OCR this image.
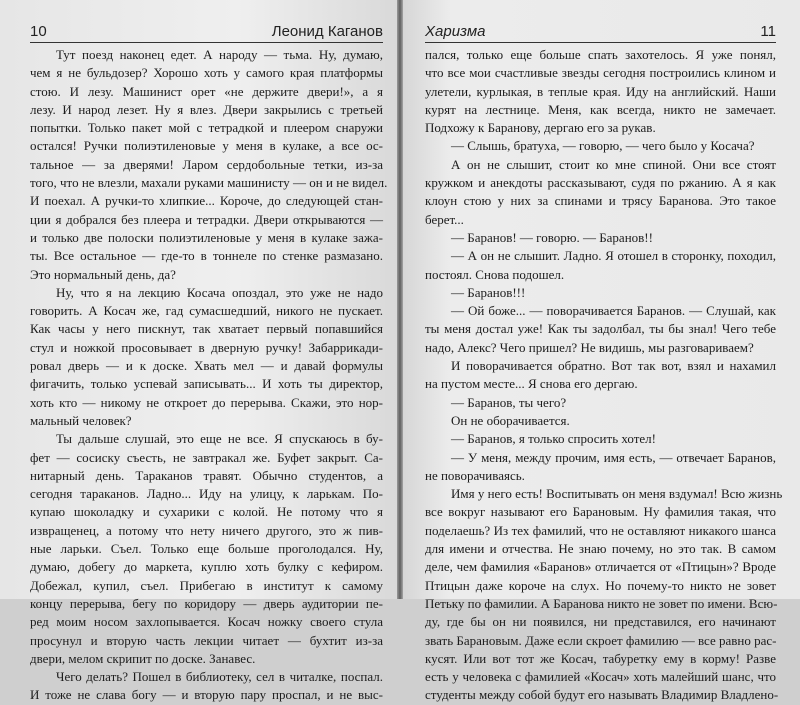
10	Леонид Каганов
Тут поезд наконец едет. А народу — тьма. Ну, думаю,
чем я не бульдозер? Хорошо хоть у самого края платформы
стою. И лезу. Машинист орет «не держите двери!», а я
лезу. И народ лезет. Ну я влез. Двери закрылись с третьей
попытки. Только пакет мой с тетрадкой и плеером снаружи
остался! Ручки полиэтиленовые у меня в кулаке, а все ос-
тальное — за дверями! Ларом сердобольные тетки, из-за
того, что не влезли, махали руками машинисту — он и не видел.
И поехал. А ручки-то хлипкие... Короче, до следующей стан-
ции я добрался без плеера и тетрадки. Двери открываются —
и только две полоски полиэтиленовые у меня в кулаке зажа-
ты. Все остальное — где-то в тоннеле по стенке размазано.
Это нормальный день, да?
Ну, что я на лекцию Косача опоздал, это уже не надо
говорить. А Косач же, гад сумасшедший, никого не пускает.
Как часы у него пискнут, так хватает первый попавшийся
стул и ножкой просовывает в дверную ручку! Забаррикади-
ровал дверь — и к доске. Хвать мел — и давай формулы
фигачить, только успевай записывать... И хоть ты директор,
хоть кто — никому не откроет до перерыва. Скажи, это нор-
мальный человек?
Ты дальше слушай, это еще не все. Я спускаюсь в бу-
фет — сосиску съесть, не завтракал же. Буфет закрыт. Са-
нитарный день. Тараканов травят. Обычно студентов, а
сегодня тараканов. Ладно... Иду на улицу, к ларькам. По-
купаю шоколадку и сухарики с колой. Не потому что я
извращенец, а потому что нету ничего другого, это ж пив-
ные ларьки. Съел. Только еще больше проголодался. Ну,
думаю, добегу до маркета, куплю хоть булку с кефиром.
Добежал, купил, съел. Прибегаю в институт к самому
концу перерыва, бегу по коридору — дверь аудитории пе-
ред моим носом захлопывается. Косач ножку своего стула
просунул и вторую часть лекции читает — бухтит из-за
двери, мелом скрипит по доске. Занавес.
Чего делать? Пошел в библиотеку, сел в читалке, поспал.
И тоже не слава богу — и вторую пару проспал, и не выс-
Харизма	11
пался, только еще больше спать захотелось. Я уже понял,
что все мои счастливые звезды сегодня построились клином и
улетели, курлыкая, в теплые края. Иду на английский. Наши
курят на лестнице. Меня, как всегда, никто не замечает.
Подхожу к Баранову, дергаю его за рукав.
— Слышь, братуха, — говорю, — чего было у Косача?
А он не слышит, стоит ко мне спиной. Они все стоят
кружком и анекдоты рассказывают, судя по ржанию. А я как
клоун стою у них за спинами и трясу Баранова. Это такое
берет...
— Баранов! — говорю. — Баранов!!
— А он не слышит. Ладно. Я отошел в сторонку, походил,
постоял. Снова подошел.
— Баранов!!!
— Ой боже... — поворачивается Баранов. — Слушай, как
ты меня достал уже! Как ты задолбал, ты бы знал! Чего тебе
надо, Алекс? Чего пришел? Не видишь, мы разговариваем?
И поворачивается обратно. Вот так вот, взял и нахамил
на пустом месте... Я снова его дергаю.
— Баранов, ты чего?
Он не оборачивается.
— Баранов, я только спросить хотел!
— У меня, между прочим, имя есть, — отвечает Баранов,
не поворачиваясь.
Имя у него есть! Воспитывать он меня вздумал! Всю жизнь
все вокруг называют его Барановым. Ну фамилия такая, что
поделаешь? Из тех фамилий, что не оставляют никакого шанса
для имени и отчества. Не знаю почему, но это так. В самом
деле, чем фамилия «Баранов» отличается от «Птицын»? Вроде
Птицын даже короче на слух. Но почему-то никто не зовет
Петьку по фамилии. А Баранова никто не зовет по имени. Всю-
ду, где бы он ни появился, ни представился, его начинают
звать Барановым. Даже если скроет фамилию — все равно рас-
кусят. Или вот тот же Косач, табуретку ему в корму! Разве
есть у человека с фамилией «Косач» хоть малейший шанс, что
студенты между собой будут его называть Владимир Владлено-
